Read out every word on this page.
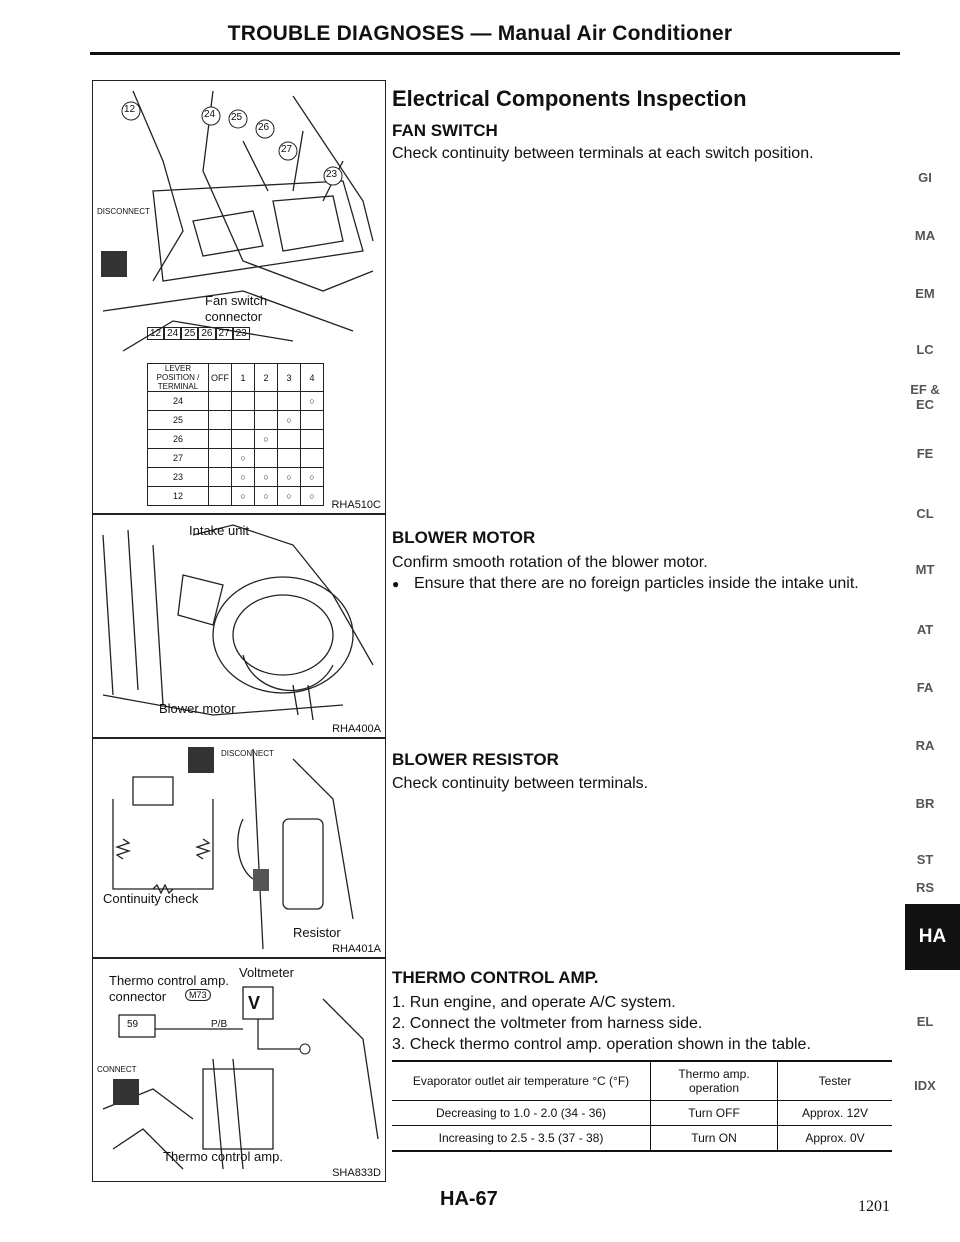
TROUBLE DIAGNOSES — Manual Air Conditioner
12	24 25
26
27
23
DISCONNECT
Fan switch
connector
12 24 25 26 27 23
LEVER POSITION / TERMINAL	OFF	1	2	3	4
24					○
25				○	
26			○		
27		○			
23		○	○	○	○
12		○	○	○	○
RHA510C
Intake unit
Blower motor
RHA400A
DISCONNECT
Continuity check
Resistor
RHA401A
Thermo control amp.
connector	M73
Voltmeter
V
P/B
59
CONNECT
Thermo control amp.
SHA833D
Electrical Components Inspection
FAN SWITCH
Check continuity between terminals at each switch position.
BLOWER MOTOR
Confirm smooth rotation of the blower motor.
● Ensure that there are no foreign particles inside the intake unit.
BLOWER RESISTOR
Check continuity between terminals.
THERMO CONTROL AMP.
1. Run engine, and operate A/C system.
2. Connect the voltmeter from harness side.
3. Check thermo control amp. operation shown in the table.
Evaporator outlet air temperature °C (°F)	Thermo amp. operation	Tester
Decreasing to 1.0 - 2.0 (34 - 36)	Turn OFF	Approx. 12V
Increasing to 2.5 - 3.5 (37 - 38)	Turn ON	Approx. 0V
GI
MA
EM
LC
EF & EC
FE
CL
MT
AT
FA
RA
BR
ST
RS
HA
EL
IDX
HA-67	1201
